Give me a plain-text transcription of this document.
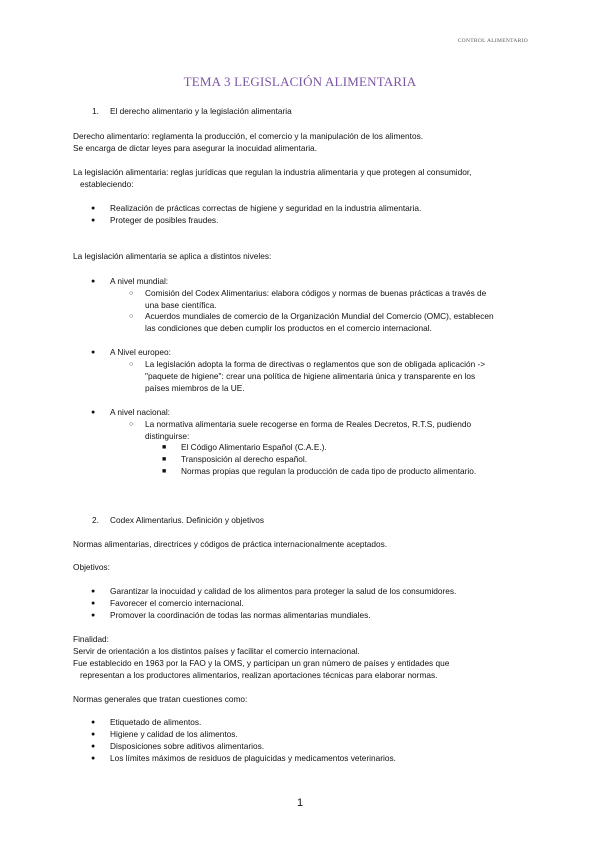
CONTROL ALIMENTARIO
TEMA 3 LEGISLACIÓN ALIMENTARIA
1. El derecho alimentario y la legislación alimentaria
Derecho alimentario: reglamenta la producción, el comercio y la manipulación de los alimentos.
Se encarga de dictar leyes para asegurar la inocuidad alimentaria.
La legislación alimentaria: reglas jurídicas que regulan la industria alimentaria y que protegen al consumidor,
estableciendo:
● Realización de prácticas correctas de higiene y seguridad en la industria alimentaria.
● Proteger de posibles fraudes.
La legislación alimentaria se aplica a distintos niveles:
● A nivel mundial:
○ Comisión del Codex Alimentarius: elabora códigos y normas de buenas prácticas a través de
una base científica.
○ Acuerdos mundiales de comercio de la Organización Mundial del Comercio (OMC), establecen
las condiciones que deben cumplir los productos en el comercio internacional.
● A Nivel europeo:
○ La legislación adopta la forma de directivas o reglamentos que son de obligada aplicación ->
"paquete de higiene": crear una política de higiene alimentaria única y transparente en los
países miembros de la UE.
● A nivel nacional:
○ La normativa alimentaria suele recogerse en forma de Reales Decretos, R.T.S, pudiendo
distinguirse:
■ El Código Alimentario Español (C.A.E.).
■ Transposición al derecho español.
■ Normas propias que regulan la producción de cada tipo de producto alimentario.
2. Codex Alimentarius. Definición y objetivos
Normas alimentarias, directrices y códigos de práctica internacionalmente aceptados.
Objetivos:
● Garantizar la inocuidad y calidad de los alimentos para proteger la salud de los consumidores.
● Favorecer el comercio internacional.
● Promover la coordinación de todas las normas alimentarias mundiales.
Finalidad:
Servir de orientación a los distintos países y facilitar el comercio internacional.
Fue establecido en 1963 por la FAO y la OMS, y participan un gran número de países y entidades que
representan a los productores alimentarios, realizan aportaciones técnicas para elaborar normas.
Normas generales que tratan cuestiones como:
● Etiquetado de alimentos.
● Higiene y calidad de los alimentos.
● Disposiciones sobre aditivos alimentarios.
● Los límites máximos de residuos de plaguicidas y medicamentos veterinarios.
1
